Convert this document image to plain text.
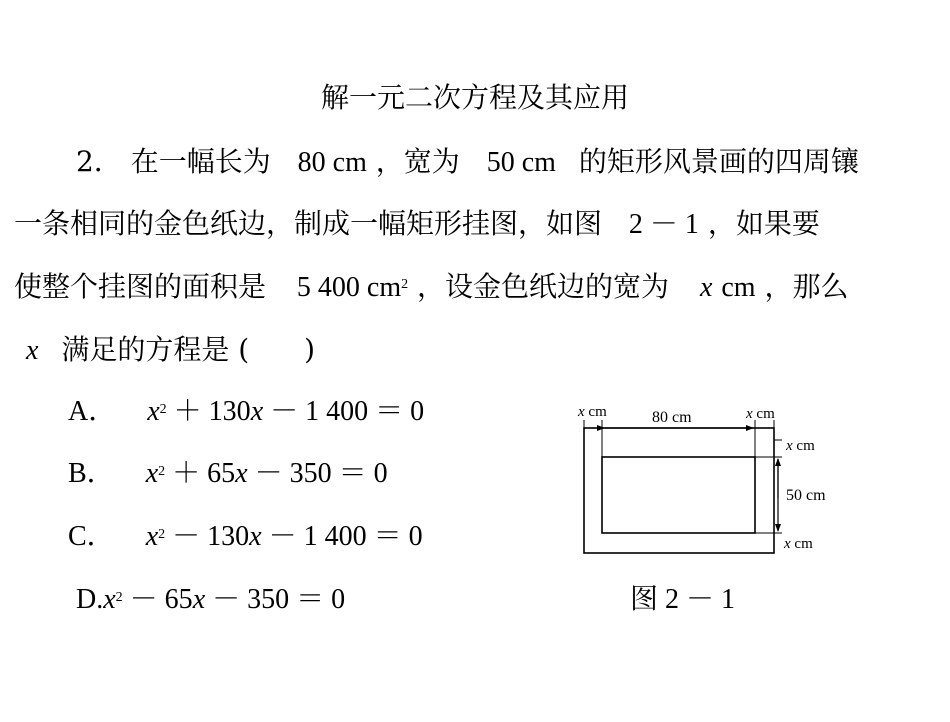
解一元二次方程及其应用
2． 在一幅长为 80 cm ，宽为 50 cm 的矩形风景画的四周镶
一条相同的金色纸边，制成一幅矩形挂图，如图 2 － 1 ，如果要
使整个挂图的面积是 5 400 $cm^2$ ，设金色纸边的宽为 x cm ，那么
x 满足的方程是 ( )
A． $x^2 + 130x - 1$ 400 ＝ 0
B． $x^2 + 65x - 350 = 0$
C． $x^2 - 130x - 1$ 400 ＝ 0
$D.x^2 - 65x - 350 = 0$
x cm	80 cm	x cm
x cm
50 cm
x cm
图 2 － 1
